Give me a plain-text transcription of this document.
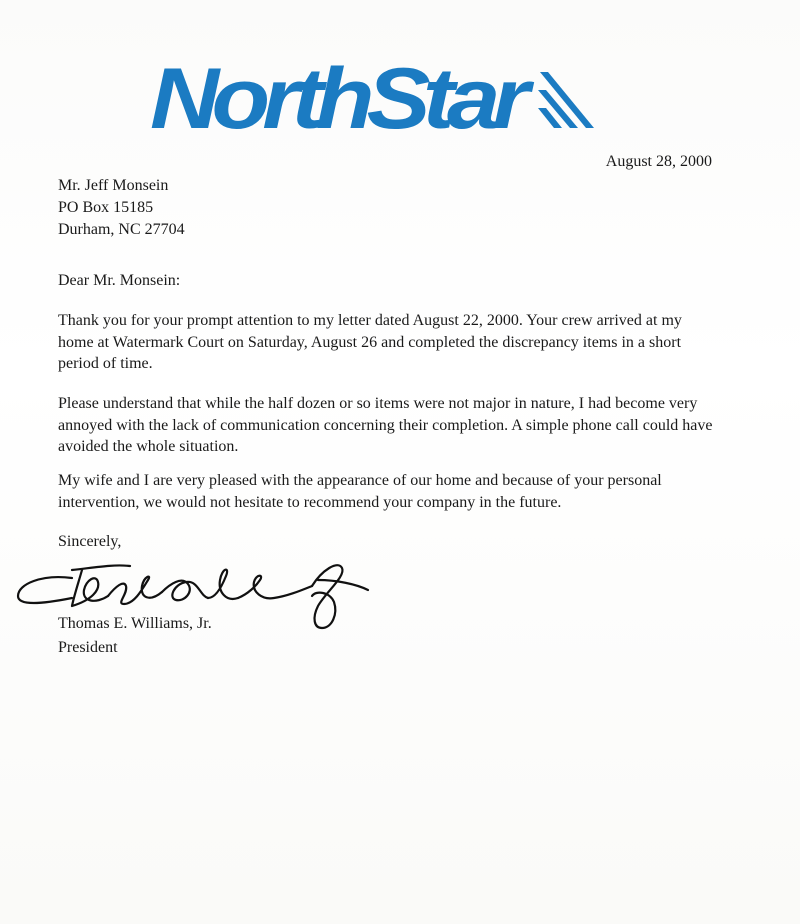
NorthStar
August 28, 2000
Mr. Jeff Monsein
PO Box 15185
Durham, NC 27704
Dear Mr. Monsein:
Thank you for your prompt attention to my letter dated August 22, 2000. Your crew arrived at my home at Watermark Court on Saturday, August 26 and completed the discrepancy items in a short period of time.
Please understand that while the half dozen or so items were not major in nature, I had become very annoyed with the lack of communication concerning their completion. A simple phone call could have avoided the whole situation.
My wife and I are very pleased with the appearance of our home and because of your personal intervention, we would not hesitate to recommend your company in the future.
Sincerely,
Thomas E. Williams, Jr.
President
